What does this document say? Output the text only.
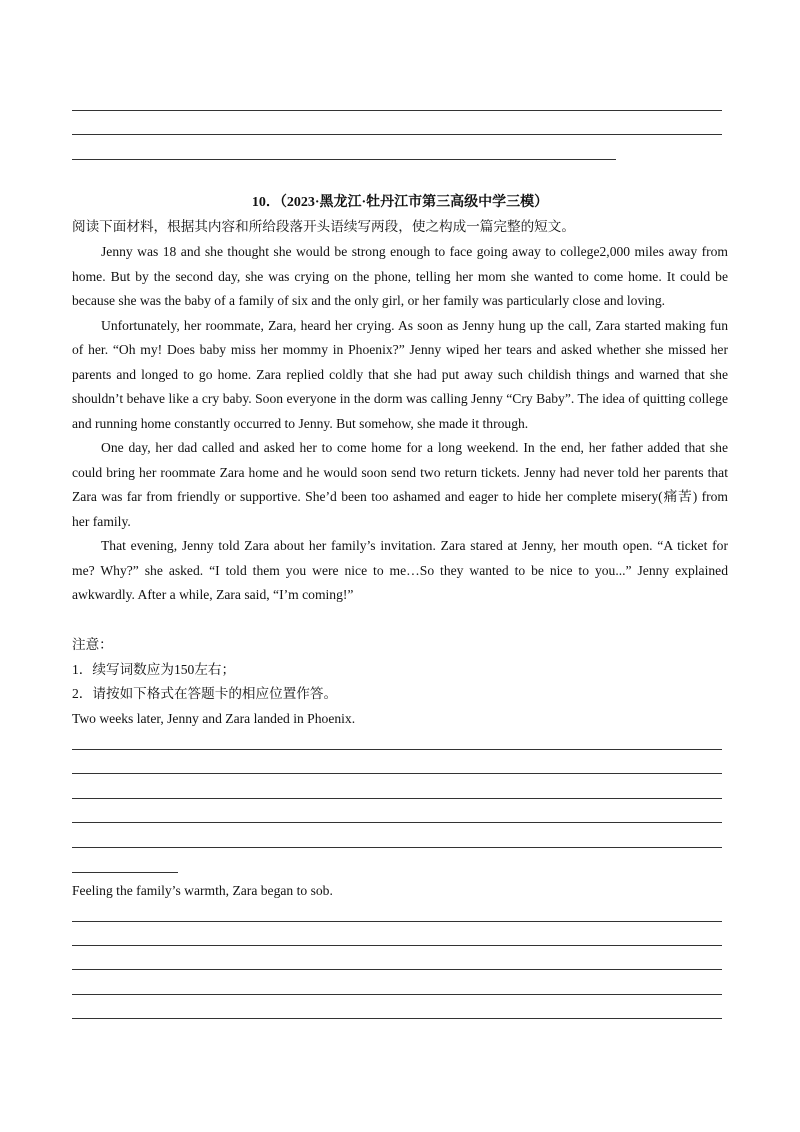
10．（2023·黑龙江·牡丹江市第三高级中学三模）

阅读下面材料，根据其内容和所给段落开头语续写两段，使之构成一篇完整的短文。

Jenny was 18 and she thought she would be strong enough to face going away to college2,000 miles away from home. But by the second day, she was crying on the phone, telling her mom she wanted to come home. It could be because she was the baby of a family of six and the only girl, or her family was particularly close and loving.

Unfortunately, her roommate, Zara, heard her crying. As soon as Jenny hung up the call, Zara started making fun of her. “Oh my! Does baby miss her mommy in Phoenix?” Jenny wiped her tears and asked whether she missed her parents and longed to go home. Zara replied coldly that she had put away such childish things and warned that she shouldn’t behave like a cry baby. Soon everyone in the dorm was calling Jenny “Cry Baby”. The idea of quitting college and running home constantly occurred to Jenny. But somehow, she made it through.

One day, her dad called and asked her to come home for a long weekend. In the end, her father added that she could bring her roommate Zara home and he would soon send two return tickets. Jenny had never told her parents that Zara was far from friendly or supportive. She’d been too ashamed and eager to hide her complete misery(痛苦) from her family.

That evening, Jenny told Zara about her family’s invitation. Zara stared at Jenny, her mouth open. “A ticket for me? Why?” she asked. “I told them you were nice to me…So they wanted to be nice to you...” Jenny explained awkwardly. After a while, Zara said, “I’m coming!”

注意：

1．续写词数应为150左右；

2．请按如下格式在答题卡的相应位置作答。

Two weeks later, Jenny and Zara landed in Phoenix.

Feeling the family’s warmth, Zara began to sob.
